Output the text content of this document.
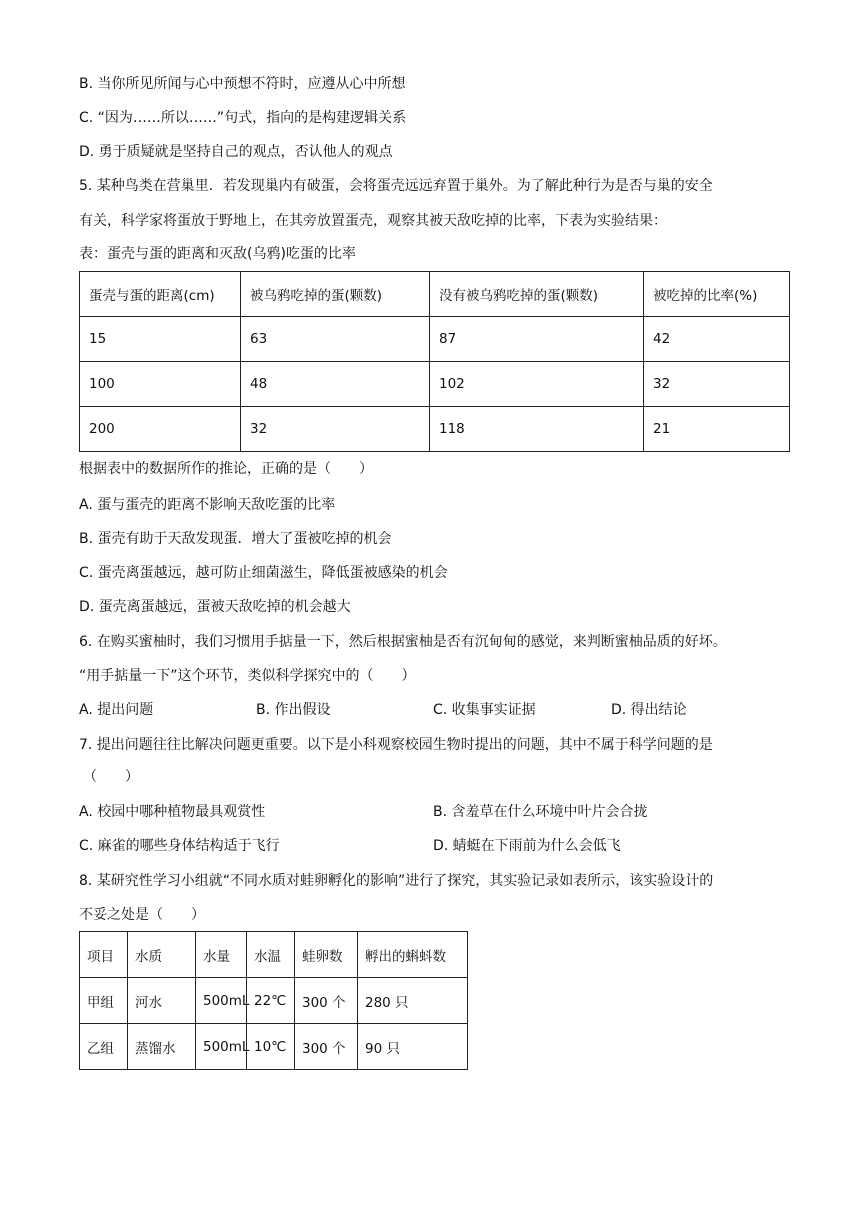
B. 当你所见所闻与心中预想不符时，应遵从心中所想
C. “因为……所以……”句式，指向的是构建逻辑关系
D. 勇于质疑就是坚持自己的观点，否认他人的观点
5. 某种鸟类在营巢里．若发现巢内有破蛋，会将蛋壳远远弃置于巢外。为了解此种行为是否与巢的安全
有关，科学家将蛋放于野地上，在其旁放置蛋壳，观察其被天敌吃掉的比率，下表为实验结果：
表：蛋壳与蛋的距离和灭敌(乌鸦)吃蛋的比率
蛋壳与蛋的距离(cm)	被乌鸦吃掉的蛋(颗数)	没有被乌鸦吃掉的蛋(颗数)	被吃掉的比率(%)
15	63	87	42
100	48	102	32
200	32	118	21
根据表中的数据所作的推论，正确的是（　　）
A. 蛋与蛋壳的距离不影响天敌吃蛋的比率
B. 蛋壳有助于天敌发现蛋．增大了蛋被吃掉的机会
C. 蛋壳离蛋越远，越可防止细菌滋生，降低蛋被感染的机会
D. 蛋壳离蛋越远，蛋被天敌吃掉的机会越大
6. 在购买蜜柚时，我们习惯用手掂量一下，然后根据蜜柚是否有沉甸甸的感觉，来判断蜜柚品质的好坏。
“用手掂量一下”这个环节，类似科学探究中的（　　）
A. 提出问题	B. 作出假设	C. 收集事实证据	D. 得出结论
7. 提出问题往往比解决问题更重要。以下是小科观察校园生物时提出的问题，其中不属于科学问题的是
（　　）
A. 校园中哪种植物最具观赏性	B. 含羞草在什么环境中叶片会合拢
C. 麻雀的哪些身体结构适于飞行	D. 蜻蜓在下雨前为什么会低飞
8. 某研究性学习小组就“不同水质对蛙卵孵化的影响”进行了探究，其实验记录如表所示，该实验设计的
不妥之处是（　　）
项目	水质	水量	水温	蛙卵数	孵出的蝌蚪数
甲组	河水	500mL	22℃	300 个	280 只
乙组	蒸馏水	500mL	10℃	300 个	90 只
